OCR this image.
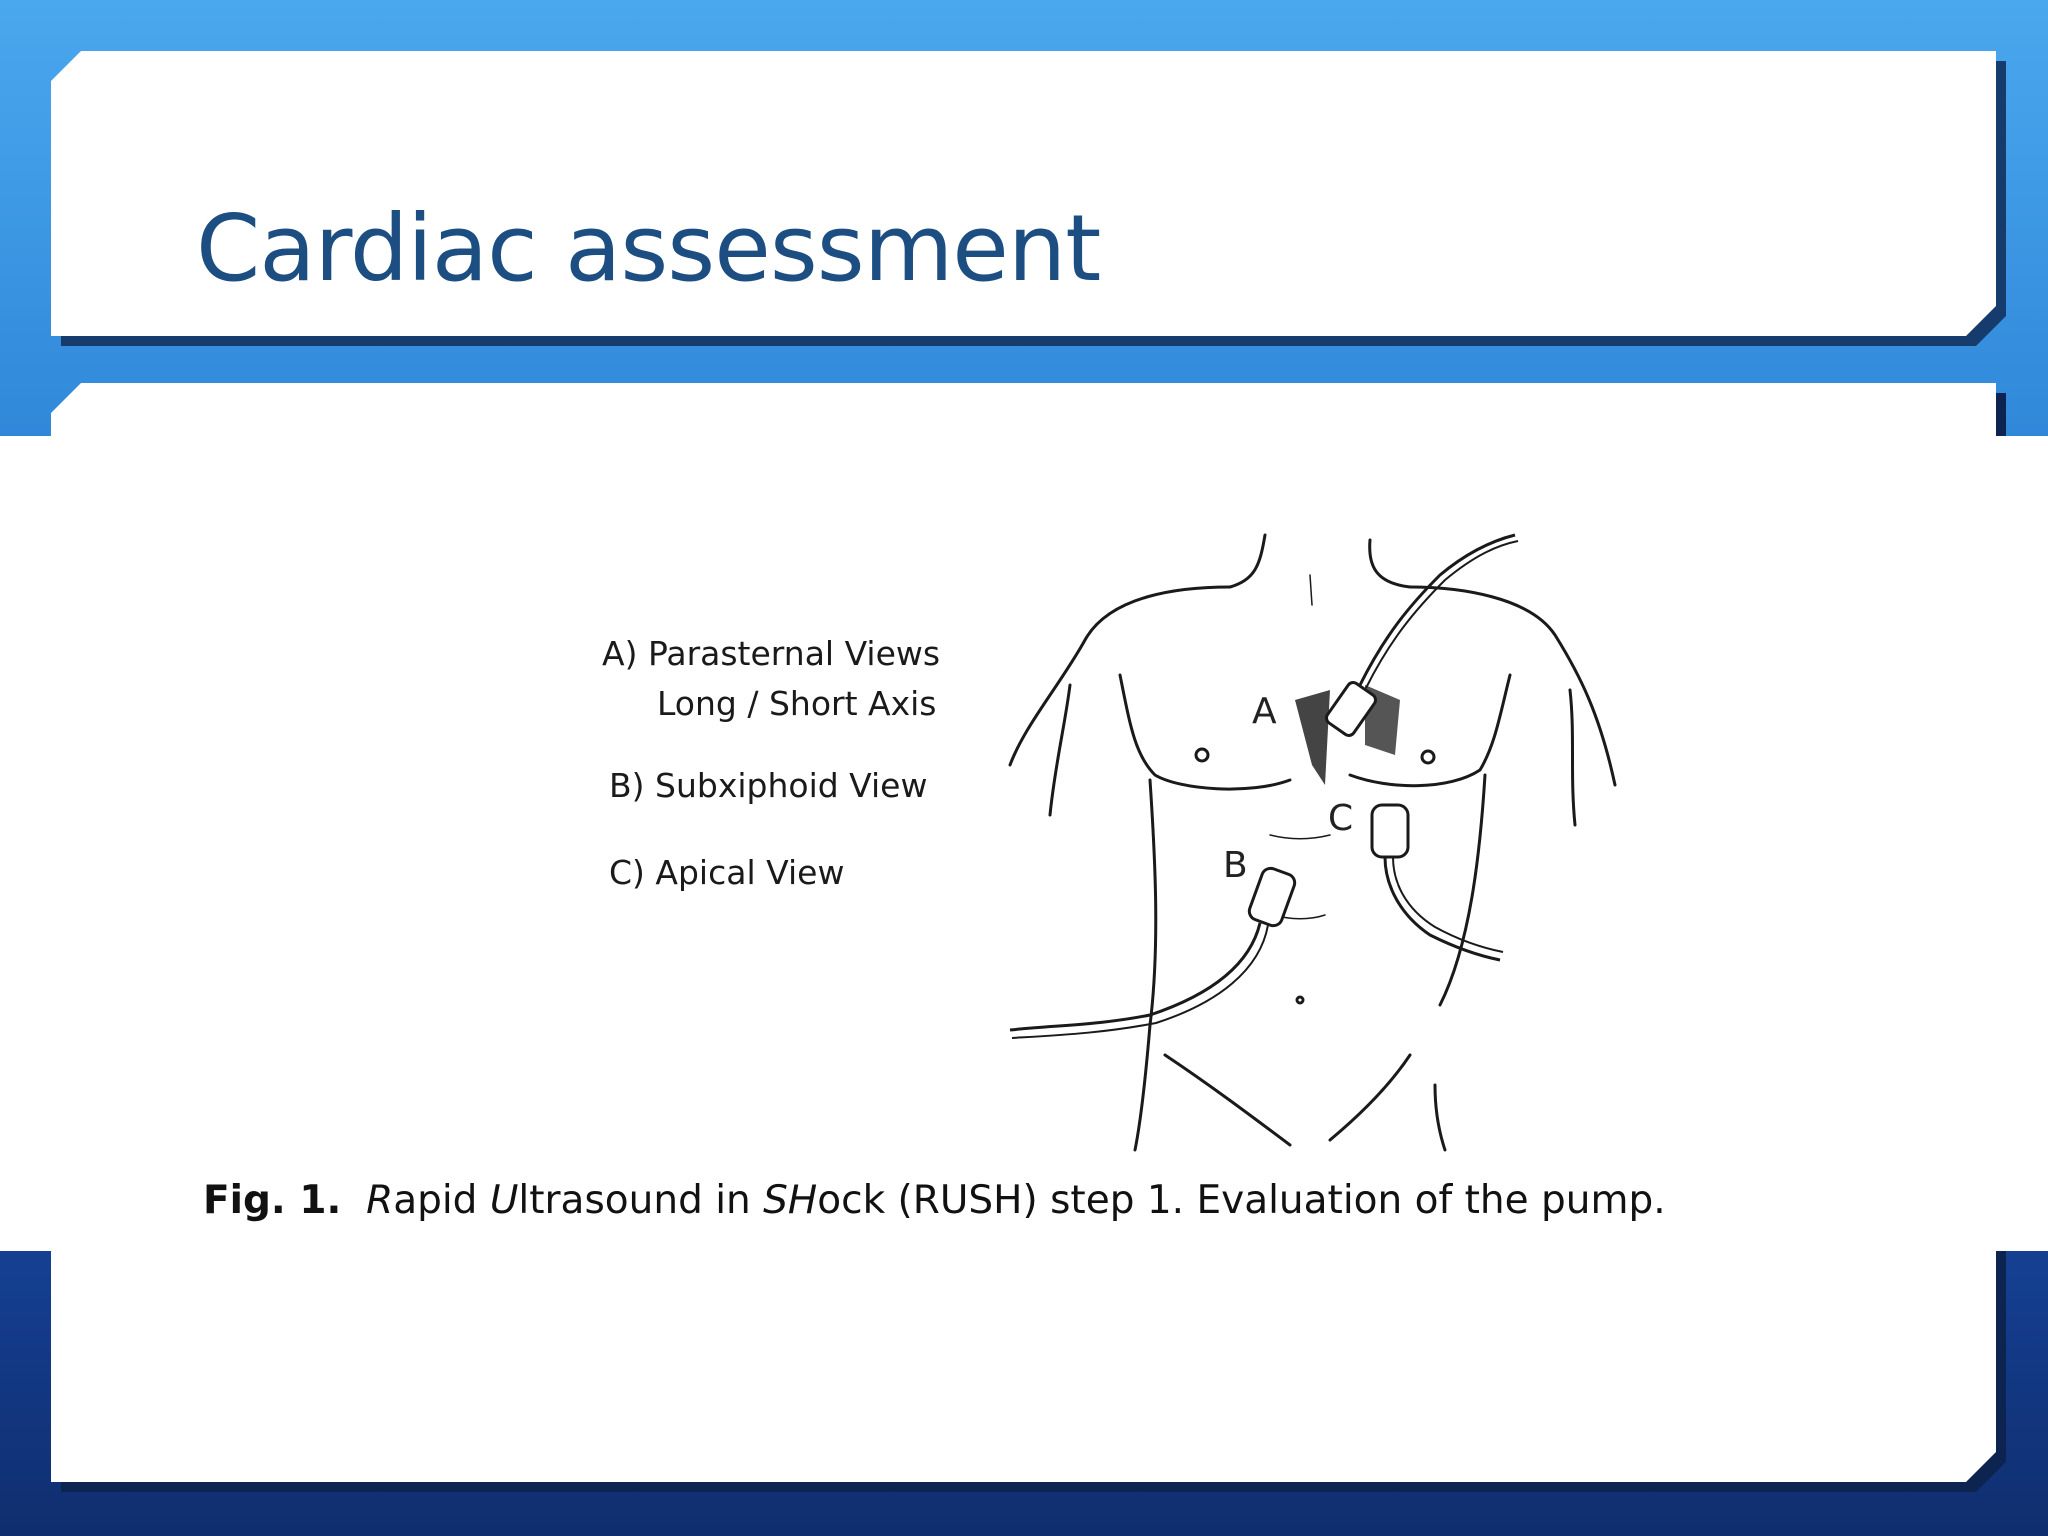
Cardiac assessment
A) Parasternal Views
Long / Short Axis
B) Subxiphoid View
C) Apical View
A
B
C
Fig. 1. Rapid Ultrasound in SHock (RUSH) step 1. Evaluation of the pump.
